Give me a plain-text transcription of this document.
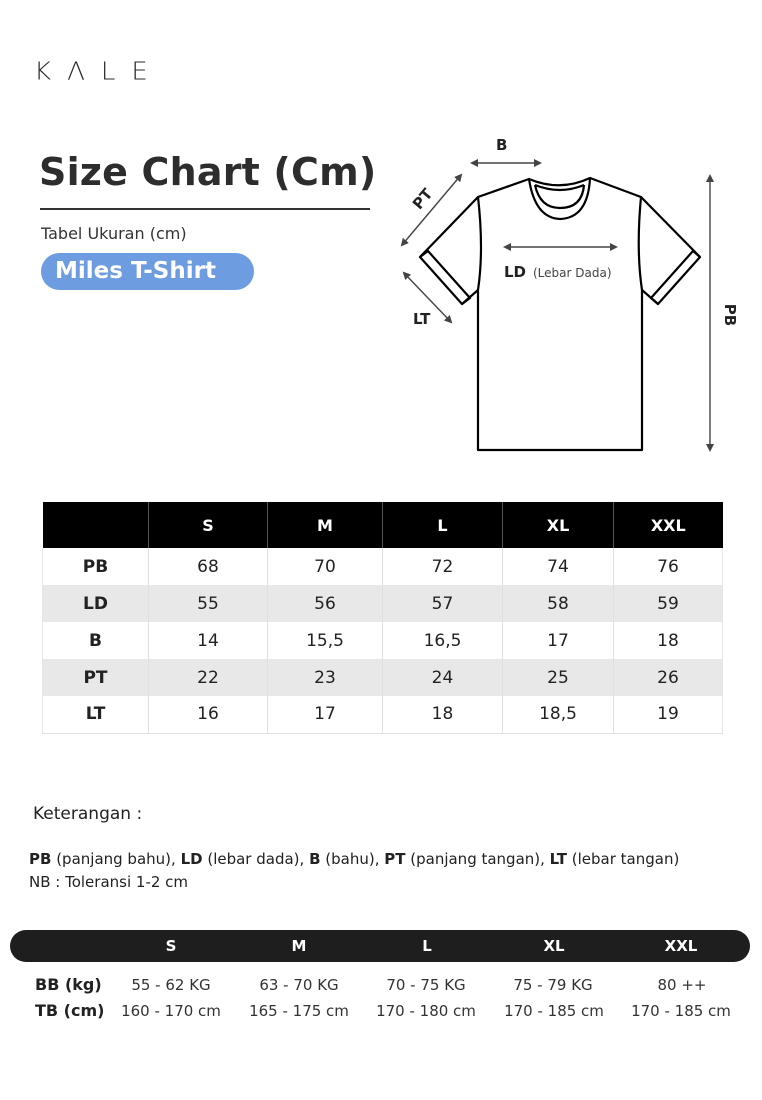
KΛLE
Size Chart (Cm)
Tabel Ukuran (cm)
Miles T-Shirt
B
PT
LT	PB
LD (Lebar Dada)
	S	M	L	XL	XXL
PB	68	70	72	74	76
LD	55	56	57	58	59
B	14	15,5	16,5	17	18
PT	22	23	24	25	26
LT	16	17	18	18,5	19
Keterangan :
PB (panjang bahu), LD (lebar dada), B (bahu), PT (panjang tangan), LT (lebar tangan)
NB : Toleransi 1-2 cm
S	M	L	XL	XXL
BB (kg)	55 - 62 KG	63 - 70 KG	70 - 75 KG	75 - 79 KG	80 ++
TB (cm)	160 - 170 cm	165 - 175 cm	170 - 180 cm	170 - 185 cm	170 - 185 cm
